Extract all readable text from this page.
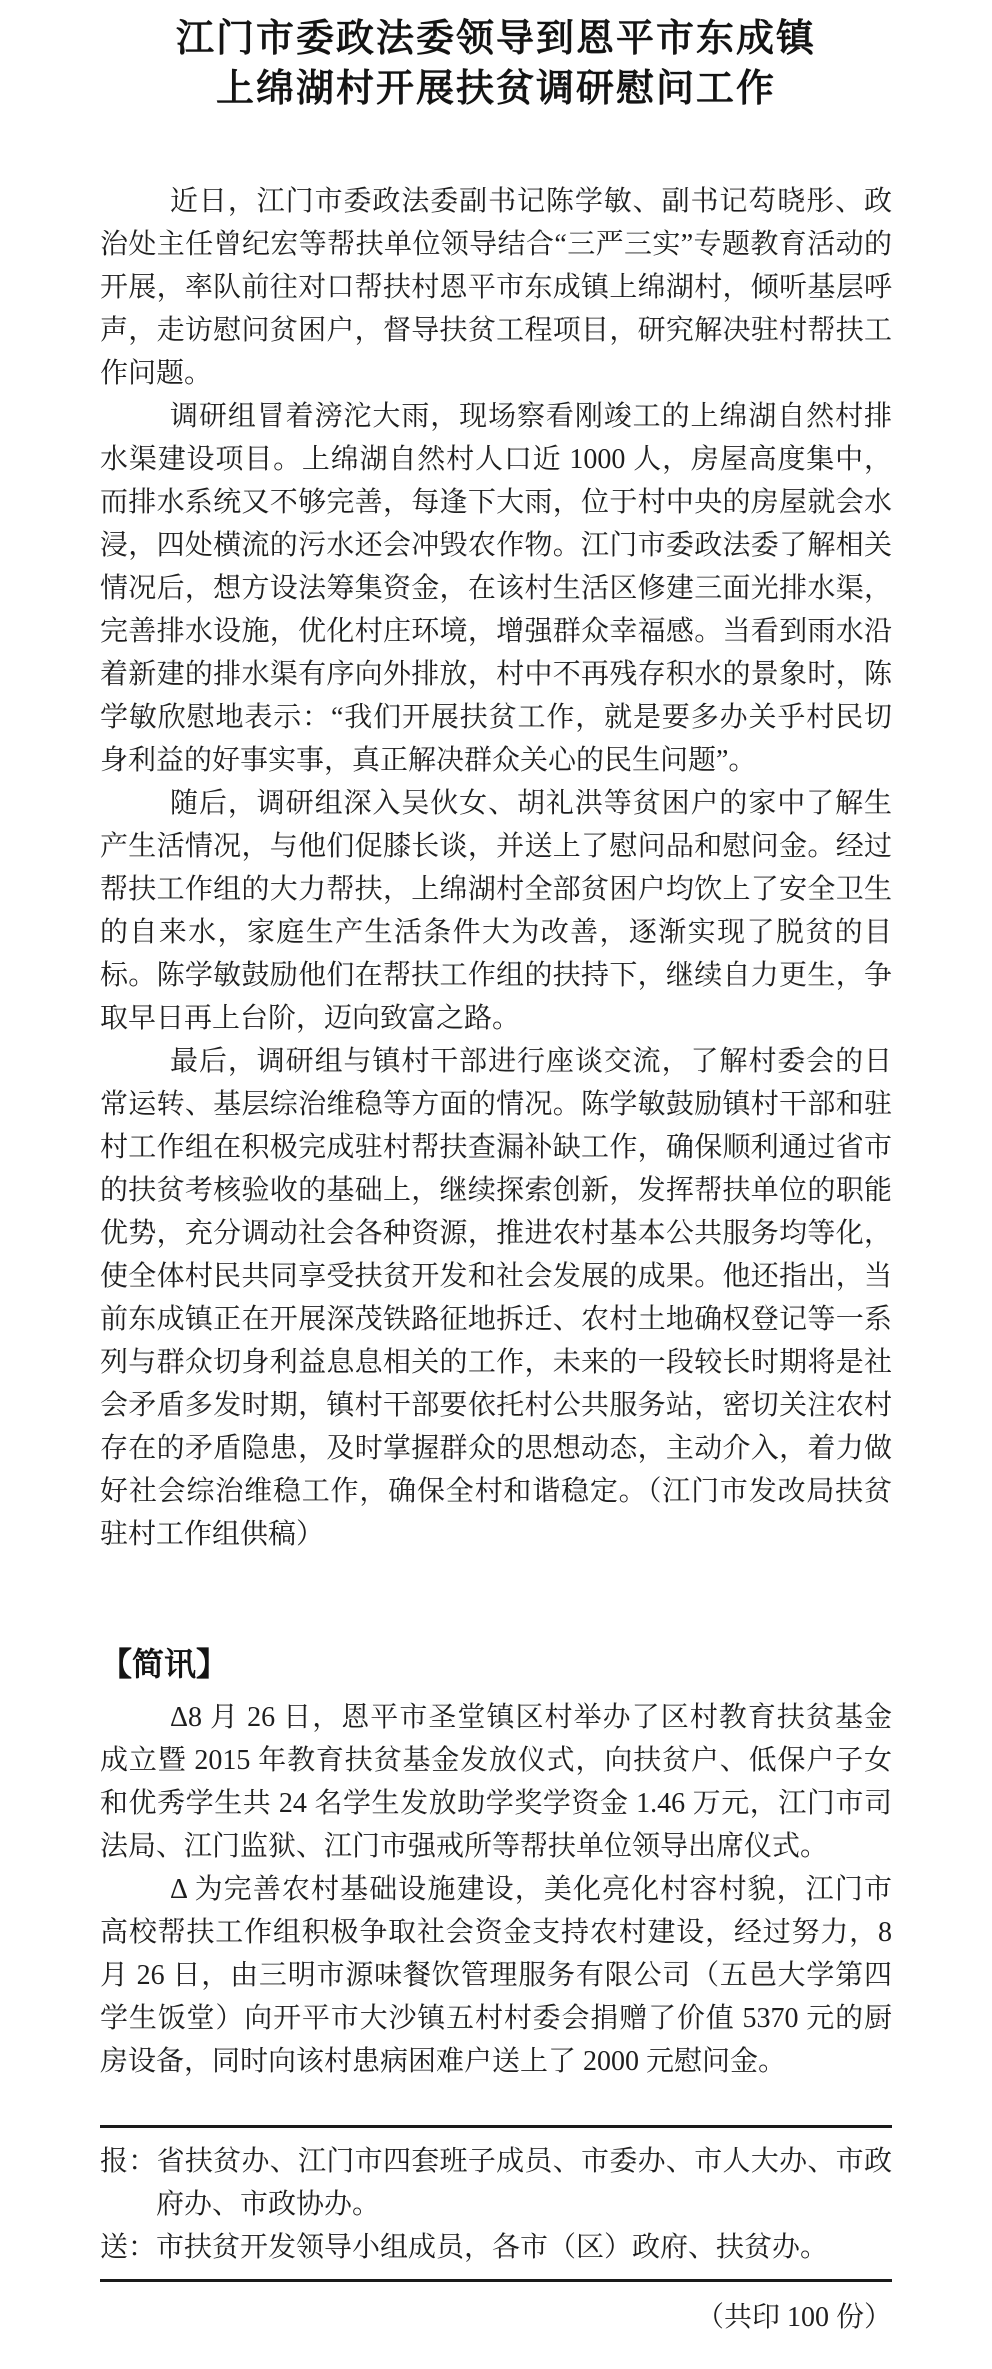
江门市委政法委领导到恩平市东成镇
上绵湖村开展扶贫调研慰问工作

近日，江门市委政法委副书记陈学敏、副书记芶晓彤、政治处主任曾纪宏等帮扶单位领导结合“三严三实”专题教育活动的开展，率队前往对口帮扶村恩平市东成镇上绵湖村，倾听基层呼声，走访慰问贫困户，督导扶贫工程项目，研究解决驻村帮扶工作问题。

调研组冒着滂沱大雨，现场察看刚竣工的上绵湖自然村排水渠建设项目。上绵湖自然村人口近 1000 人，房屋高度集中，而排水系统又不够完善，每逢下大雨，位于村中央的房屋就会水浸，四处横流的污水还会冲毁农作物。江门市委政法委了解相关情况后，想方设法筹集资金，在该村生活区修建三面光排水渠，完善排水设施，优化村庄环境，增强群众幸福感。当看到雨水沿着新建的排水渠有序向外排放，村中不再残存积水的景象时，陈学敏欣慰地表示：“我们开展扶贫工作，就是要多办关乎村民切身利益的好事实事，真正解决群众关心的民生问题”。

随后，调研组深入吴伙女、胡礼洪等贫困户的家中了解生产生活情况，与他们促膝长谈，并送上了慰问品和慰问金。经过帮扶工作组的大力帮扶，上绵湖村全部贫困户均饮上了安全卫生的自来水，家庭生产生活条件大为改善，逐渐实现了脱贫的目标。陈学敏鼓励他们在帮扶工作组的扶持下，继续自力更生，争取早日再上台阶，迈向致富之路。

最后，调研组与镇村干部进行座谈交流，了解村委会的日常运转、基层综治维稳等方面的情况。陈学敏鼓励镇村干部和驻村工作组在积极完成驻村帮扶查漏补缺工作，确保顺利通过省市的扶贫考核验收的基础上，继续探索创新，发挥帮扶单位的职能优势，充分调动社会各种资源，推进农村基本公共服务均等化，使全体村民共同享受扶贫开发和社会发展的成果。他还指出，当前东成镇正在开展深茂铁路征地拆迁、农村土地确权登记等一系列与群众切身利益息息相关的工作，未来的一段较长时期将是社会矛盾多发时期，镇村干部要依托村公共服务站，密切关注农村存在的矛盾隐患，及时掌握群众的思想动态，主动介入，着力做好社会综治维稳工作，确保全村和谐稳定。（江门市发改局扶贫驻村工作组供稿）

【简讯】

Δ8 月 26 日，恩平市圣堂镇区村举办了区村教育扶贫基金成立暨 2015 年教育扶贫基金发放仪式，向扶贫户、低保户子女和优秀学生共 24 名学生发放助学奖学资金 1.46 万元，江门市司法局、江门监狱、江门市强戒所等帮扶单位领导出席仪式。

Δ 为完善农村基础设施建设，美化亮化村容村貌，江门市高校帮扶工作组积极争取社会资金支持农村建设，经过努力，8 月 26 日，由三明市源味餐饮管理服务有限公司（五邑大学第四学生饭堂）向开平市大沙镇五村村委会捐赠了价值 5370 元的厨房设备，同时向该村患病困难户送上了 2000 元慰问金。

报：省扶贫办、江门市四套班子成员、市委办、市人大办、市政府办、市政协办。
送：市扶贫开发领导小组成员，各市（区）政府、扶贫办。
（共印 100 份）
